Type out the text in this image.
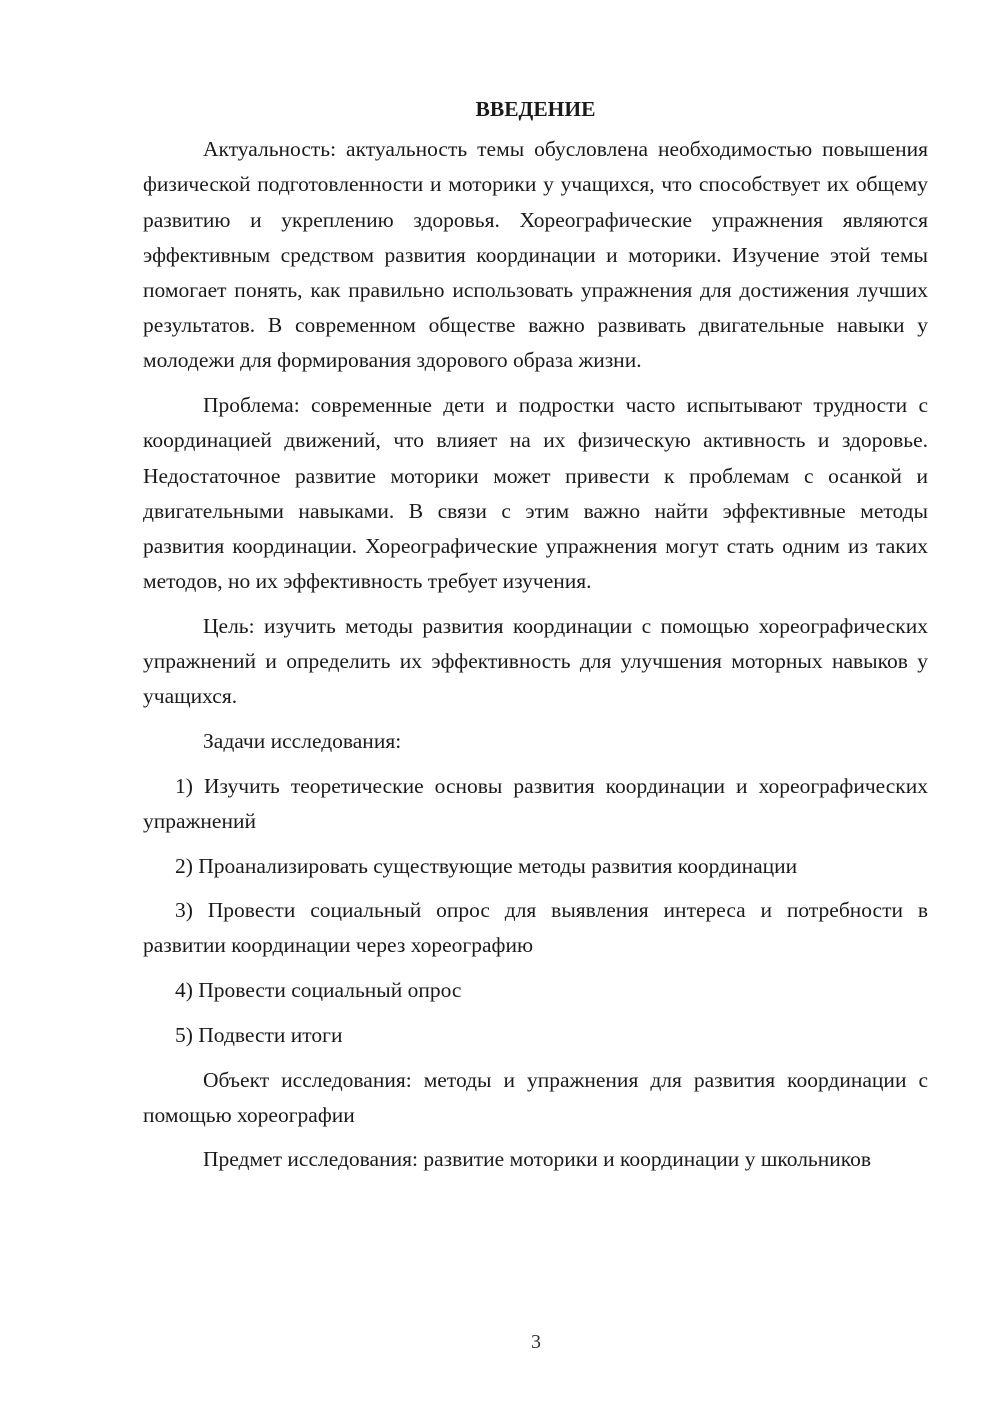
ВВЕДЕНИЕ

Актуальность: актуальность темы обусловлена необходимостью повышения физической подготовленности и моторики у учащихся, что способствует их общему развитию и укреплению здоровья. Хореографические упражнения являются эффективным средством развития координации и моторики. Изучение этой темы помогает понять, как правильно использовать упражнения для достижения лучших результатов. В современном обществе важно развивать двигательные навыки у молодежи для формирования здорового образа жизни.

Проблема: современные дети и подростки часто испытывают трудности с координацией движений, что влияет на их физическую активность и здоровье. Недостаточное развитие моторики может привести к проблемам с осанкой и двигательными навыками. В связи с этим важно найти эффективные методы развития координации. Хореографические упражнения могут стать одним из таких методов, но их эффективность требует изучения.

Цель: изучить методы развития координации с помощью хореографических упражнений и определить их эффективность для улучшения моторных навыков у учащихся.

Задачи исследования:

1) Изучить теоретические основы развития координации и хореографических упражнений

2) Проанализировать существующие методы развития координации

3) Провести социальный опрос для выявления интереса и потребности в развитии координации через хореографию

4) Провести социальный опрос

5) Подвести итоги

Объект исследования: методы и упражнения для развития координации с помощью хореографии

Предмет исследования: развитие моторики и координации у школьников

3
